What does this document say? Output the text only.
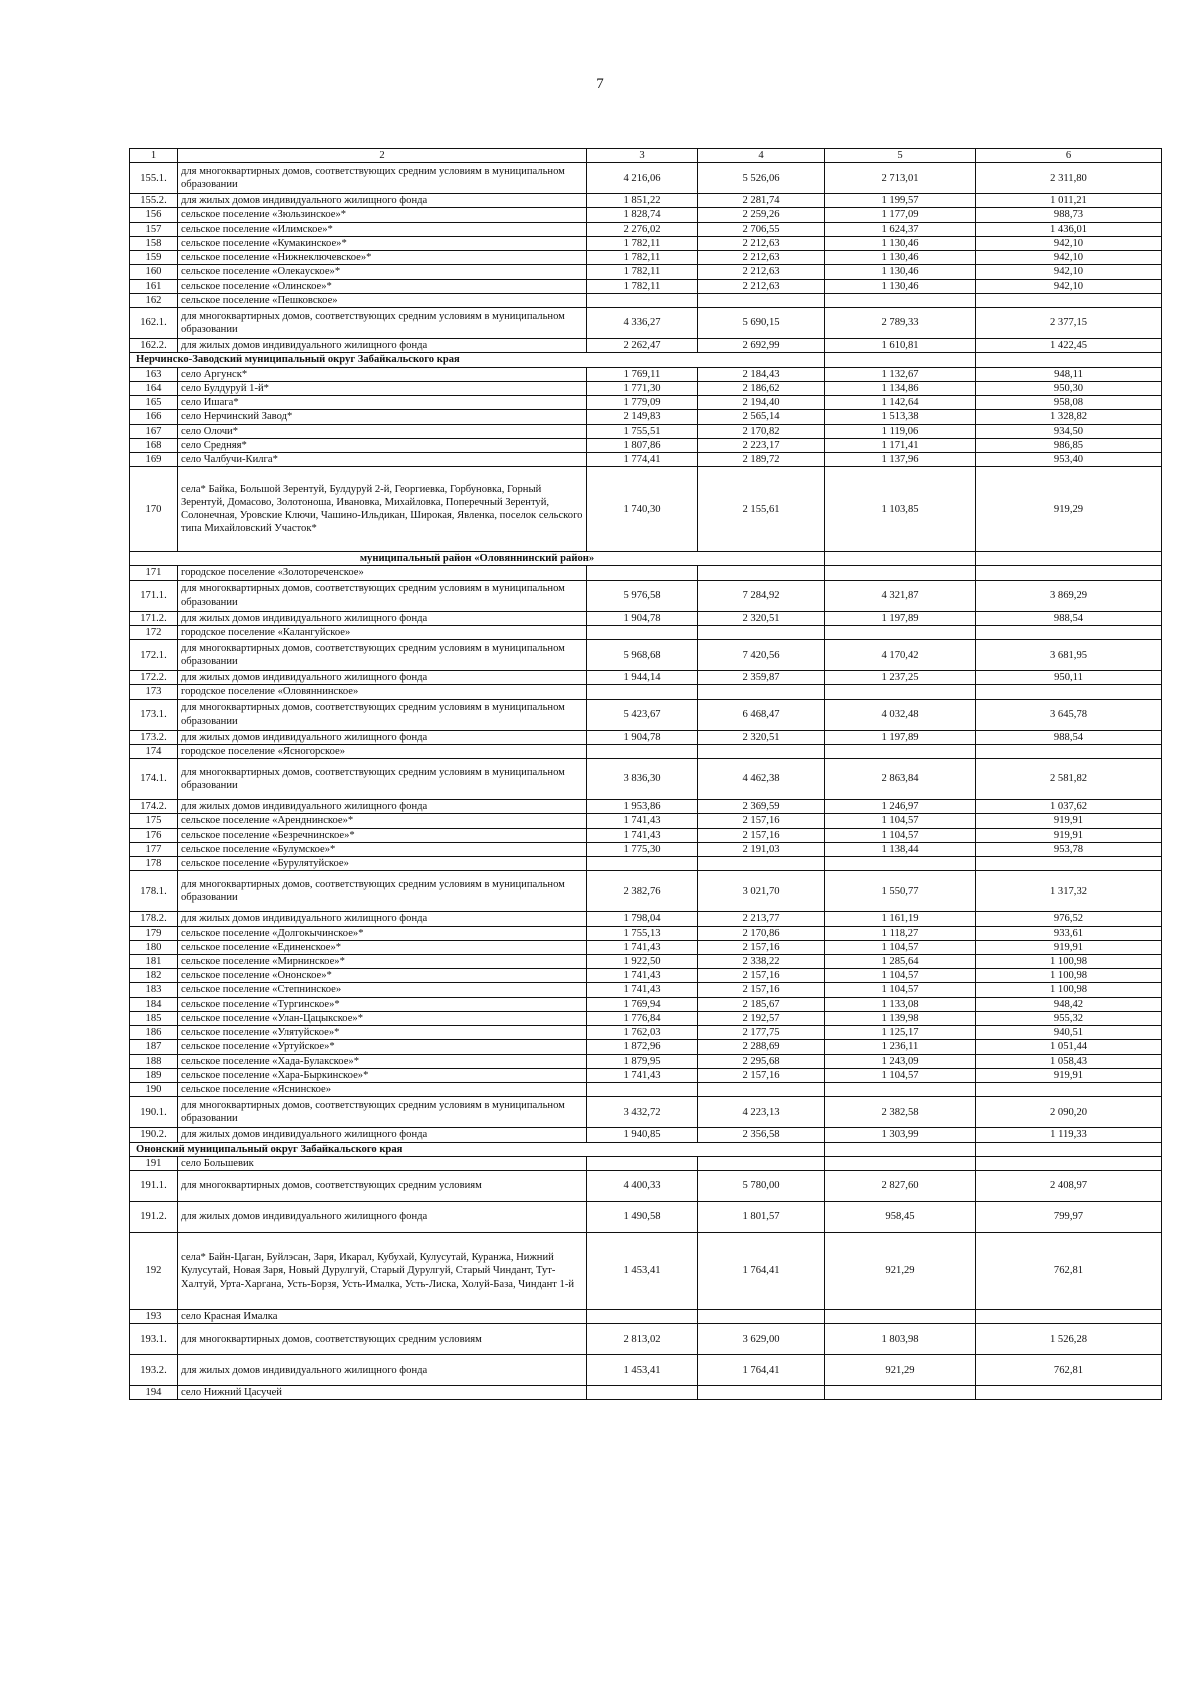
7
1	2	3	4	5	6
155.1.	для многоквартирных домов, соответствующих средним условиям в муниципальном образовании	4 216,06	5 526,06	2 713,01	2 311,80
155.2.	для жилых домов индивидуального жилищного фонда	1 851,22	2 281,74	1 199,57	1 011,21
156	сельское поселение «Зюльзинское»*	1 828,74	2 259,26	1 177,09	988,73
157	сельское поселение «Илимское»*	2 276,02	2 706,55	1 624,37	1 436,01
158	сельское поселение «Кумакинское»*	1 782,11	2 212,63	1 130,46	942,10
159	сельское поселение «Нижнеключевское»*	1 782,11	2 212,63	1 130,46	942,10
160	сельское поселение «Олекаyское»*	1 782,11	2 212,63	1 130,46	942,10
161	сельское поселение «Олинское»*	1 782,11	2 212,63	1 130,46	942,10
162	сельское поселение «Пешковское»				
162.1.	для многоквартирных домов, соответствующих средним условиям в муниципальном образовании	4 336,27	5 690,15	2 789,33	2 377,15
162.2.	для жилых домов индивидуального жилищного фонда	2 262,47	2 692,99	1 610,81	1 422,45
Нерчинско-Заводский муниципальный округ Забайкальского края					
163	село Аргунск*	1 769,11	2 184,43	1 132,67	948,11
164	село Булдуруй 1-й*	1 771,30	2 186,62	1 134,86	950,30
165	село Ишага*	1 779,09	2 194,40	1 142,64	958,08
166	село Нерчинский Завод*	2 149,83	2 565,14	1 513,38	1 328,82
167	село Олочи*	1 755,51	2 170,82	1 119,06	934,50
168	село Средняя*	1 807,86	2 223,17	1 171,41	986,85
169	село Чалбучи-Килга*	1 774,41	2 189,72	1 137,96	953,40
170	села* Байка, Большой Зерентуй, Булдуруй 2-й, Георгиевка, Горбуновка, Горный Зерентуй, Домасово, Золотоноша, Ивановка, Михайловка, Поперечный Зерентуй, Солонечная, Уровские Ключи, Чашино-Ильдикан, Широкая, Явленка, поселок сельского типа Михайловский Участок*	1 740,30	2 155,61	1 103,85	919,29
муниципальный район «Оловяннинский район»					
171	городское поселение «Золотореченское»				
171.1.	для многоквартирных домов, соответствующих средним условиям в муниципальном образовании	5 976,58	7 284,92	4 321,87	3 869,29
171.2.	для жилых домов индивидуального жилищного фонда	1 904,78	2 320,51	1 197,89	988,54
172	городское поселение «Калангуйское»				
172.1.	для многоквартирных домов, соответствующих средним условиям в муниципальном образовании	5 968,68	7 420,56	4 170,42	3 681,95
172.2.	для жилых домов индивидуального жилищного фонда	1 944,14	2 359,87	1 237,25	950,11
173	городское поселение «Оловяннинское»				
173.1.	для многоквартирных домов, соответствующих средним условиям в муниципальном образовании	5 423,67	6 468,47	4 032,48	3 645,78
173.2.	для жилых домов индивидуального жилищного фонда	1 904,78	2 320,51	1 197,89	988,54
174	городское поселение «Ясногорское»				
174.1.	для многоквартирных домов, соответствующих средним условиям в муниципальном образовании	3 836,30	4 462,38	2 863,84	2 581,82
174.2.	для жилых домов индивидуального жилищного фонда	1 953,86	2 369,59	1 246,97	1 037,62
175	сельское поселение «Аренднинское»*	1 741,43	2 157,16	1 104,57	919,91
176	сельское поселение «Безречнинское»*	1 741,43	2 157,16	1 104,57	919,91
177	сельское поселение «Булумское»*	1 775,30	2 191,03	1 138,44	953,78
178	сельское поселение «Бурулятуйское»				
178.1.	для многоквартирных домов, соответствующих средним условиям в муниципальном образовании	2 382,76	3 021,70	1 550,77	1 317,32
178.2.	для жилых домов индивидуального жилищного фонда	1 798,04	2 213,77	1 161,19	976,52
179	сельское поселение «Долгокычинское»*	1 755,13	2 170,86	1 118,27	933,61
180	сельское поселение «Единенское»*	1 741,43	2 157,16	1 104,57	919,91
181	сельское поселение «Мирнинское»*	1 922,50	2 338,22	1 285,64	1 100,98
182	сельское поселение «Ононское»*	1 741,43	2 157,16	1 104,57	1 100,98
183	сельское поселение «Степнинское»	1 741,43	2 157,16	1 104,57	1 100,98
184	сельское поселение «Тургинское»*	1 769,94	2 185,67	1 133,08	948,42
185	сельское поселение «Улан-Цацыкское»*	1 776,84	2 192,57	1 139,98	955,32
186	сельское поселение «Улятуйское»*	1 762,03	2 177,75	1 125,17	940,51
187	сельское поселение «Уртуйское»*	1 872,96	2 288,69	1 236,11	1 051,44
188	сельское поселение «Хада-Булакское»*	1 879,95	2 295,68	1 243,09	1 058,43
189	сельское поселение «Хара-Быркинское»*	1 741,43	2 157,16	1 104,57	919,91
190	сельское поселение «Яснинское»				
190.1.	для многоквартирных домов, соответствующих средним условиям в муниципальном образовании	3 432,72	4 223,13	2 382,58	2 090,20
190.2.	для жилых домов индивидуального жилищного фонда	1 940,85	2 356,58	1 303,99	1 119,33
Ононский муниципальный округ Забайкальского края					
191	село Большевик				
191.1.	для многоквартирных домов, соответствующих средним условиям	4 400,33	5 780,00	2 827,60	2 408,97
191.2.	для жилых домов индивидуального жилищного фонда	1 490,58	1 801,57	958,45	799,97
192	села* Байн-Цаган, Буйлэсан, Заря, Икарал, Кубухай, Кулусутай, Куранжа, Нижний Кулусутай, Новая Заря, Новый Дурулгуй, Старый Дурулгуй, Старый Чиндант, Тут-Халтуй, Урта-Харгана, Усть-Борзя, Усть-Ималка, Усть-Лиска, Холуй-База, Чиндант 1-й	1 453,41	1 764,41	921,29	762,81
193	село Красная Ималка				
193.1.	для многоквартирных домов, соответствующих средним условиям	2 813,02	3 629,00	1 803,98	1 526,28
193.2.	для жилых домов индивидуального жилищного фонда	1 453,41	1 764,41	921,29	762,81
194	село Нижний Цасучей				
